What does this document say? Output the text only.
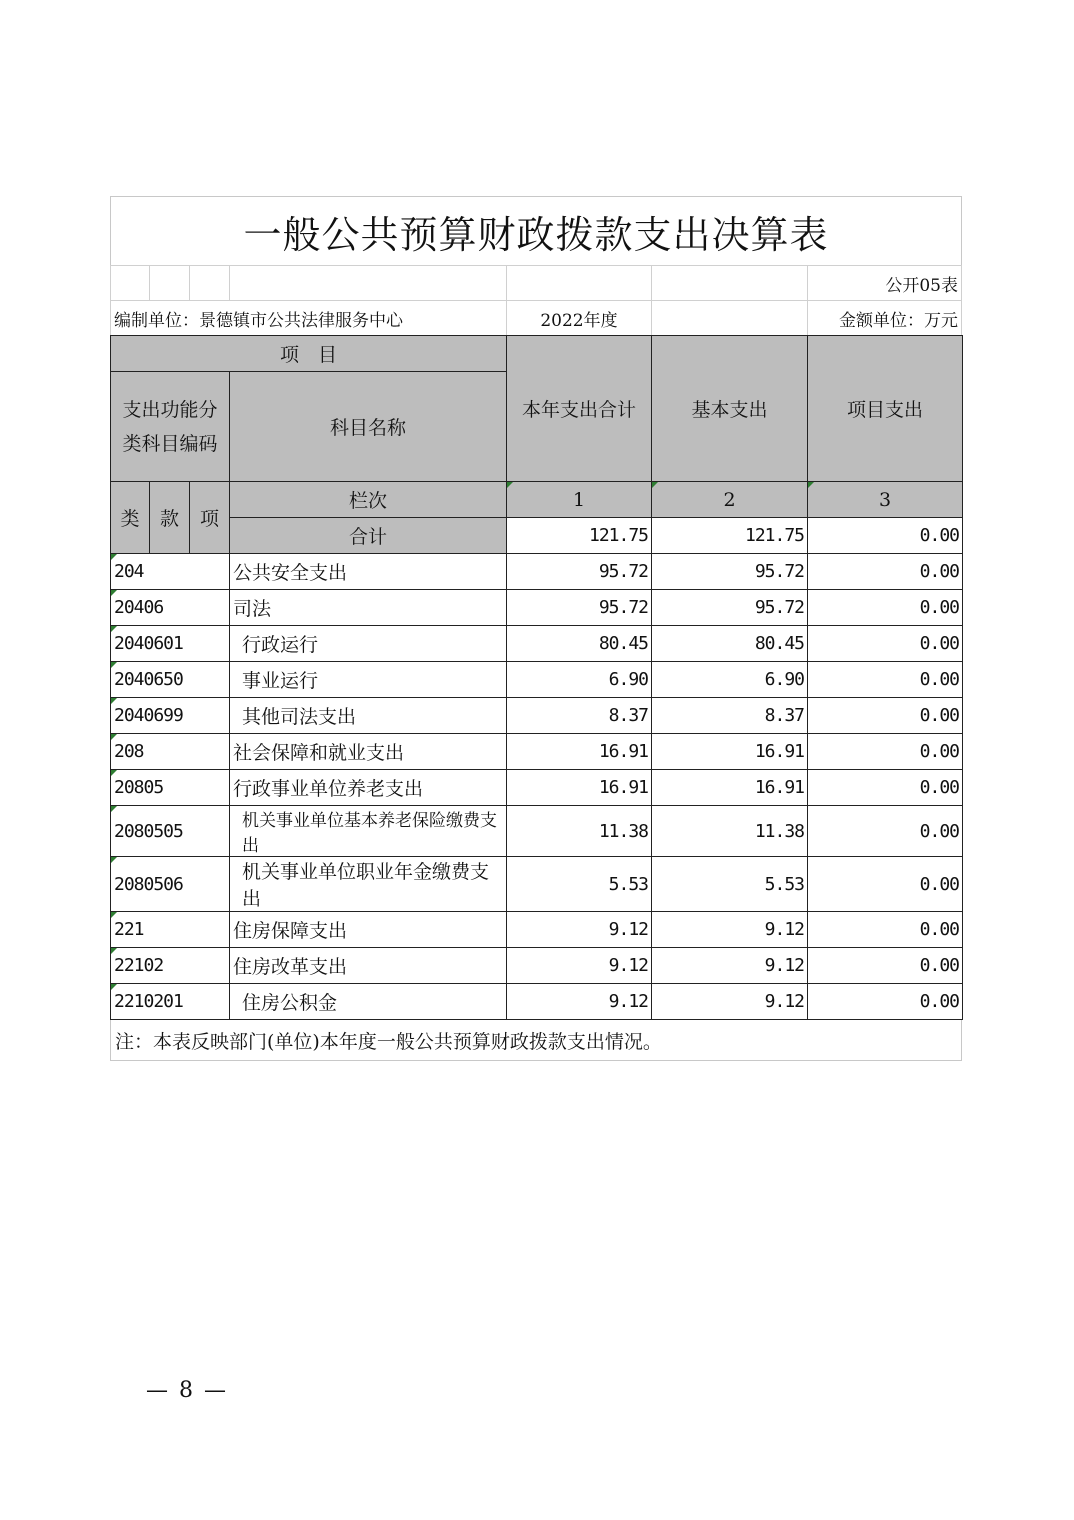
一般公共预算财政拨款支出决算表
公开05表
编制单位：景德镇市公共法律服务中心	2022年度	金额单位：万元
项　目				本年支出合计	基本支出	项目支出
支出功能分类科目编码			科目名称			

类	款	项	栏次	1	2	3
			合计	121.75	121.75	0.00
204			公共安全支出	95.72	95.72	0.00
20406			司法	95.72	95.72	0.00
2040601			行政运行	80.45	80.45	0.00
2040650			事业运行	6.90	6.90	0.00
2040699			其他司法支出	8.37	8.37	0.00
208			社会保障和就业支出	16.91	16.91	0.00
20805			行政事业单位养老支出	16.91	16.91	0.00
2080505			机关事业单位基本养老保险缴费支出	11.38	11.38	0.00
2080506			机关事业单位职业年金缴费支出	5.53	5.53	0.00
221			住房保障支出	9.12	9.12	0.00
22102			住房改革支出	9.12	9.12	0.00
2210201			住房公积金	9.12	9.12	0.00
注：本表反映部门(单位)本年度一般公共预算财政拨款支出情况。
— 8 —
